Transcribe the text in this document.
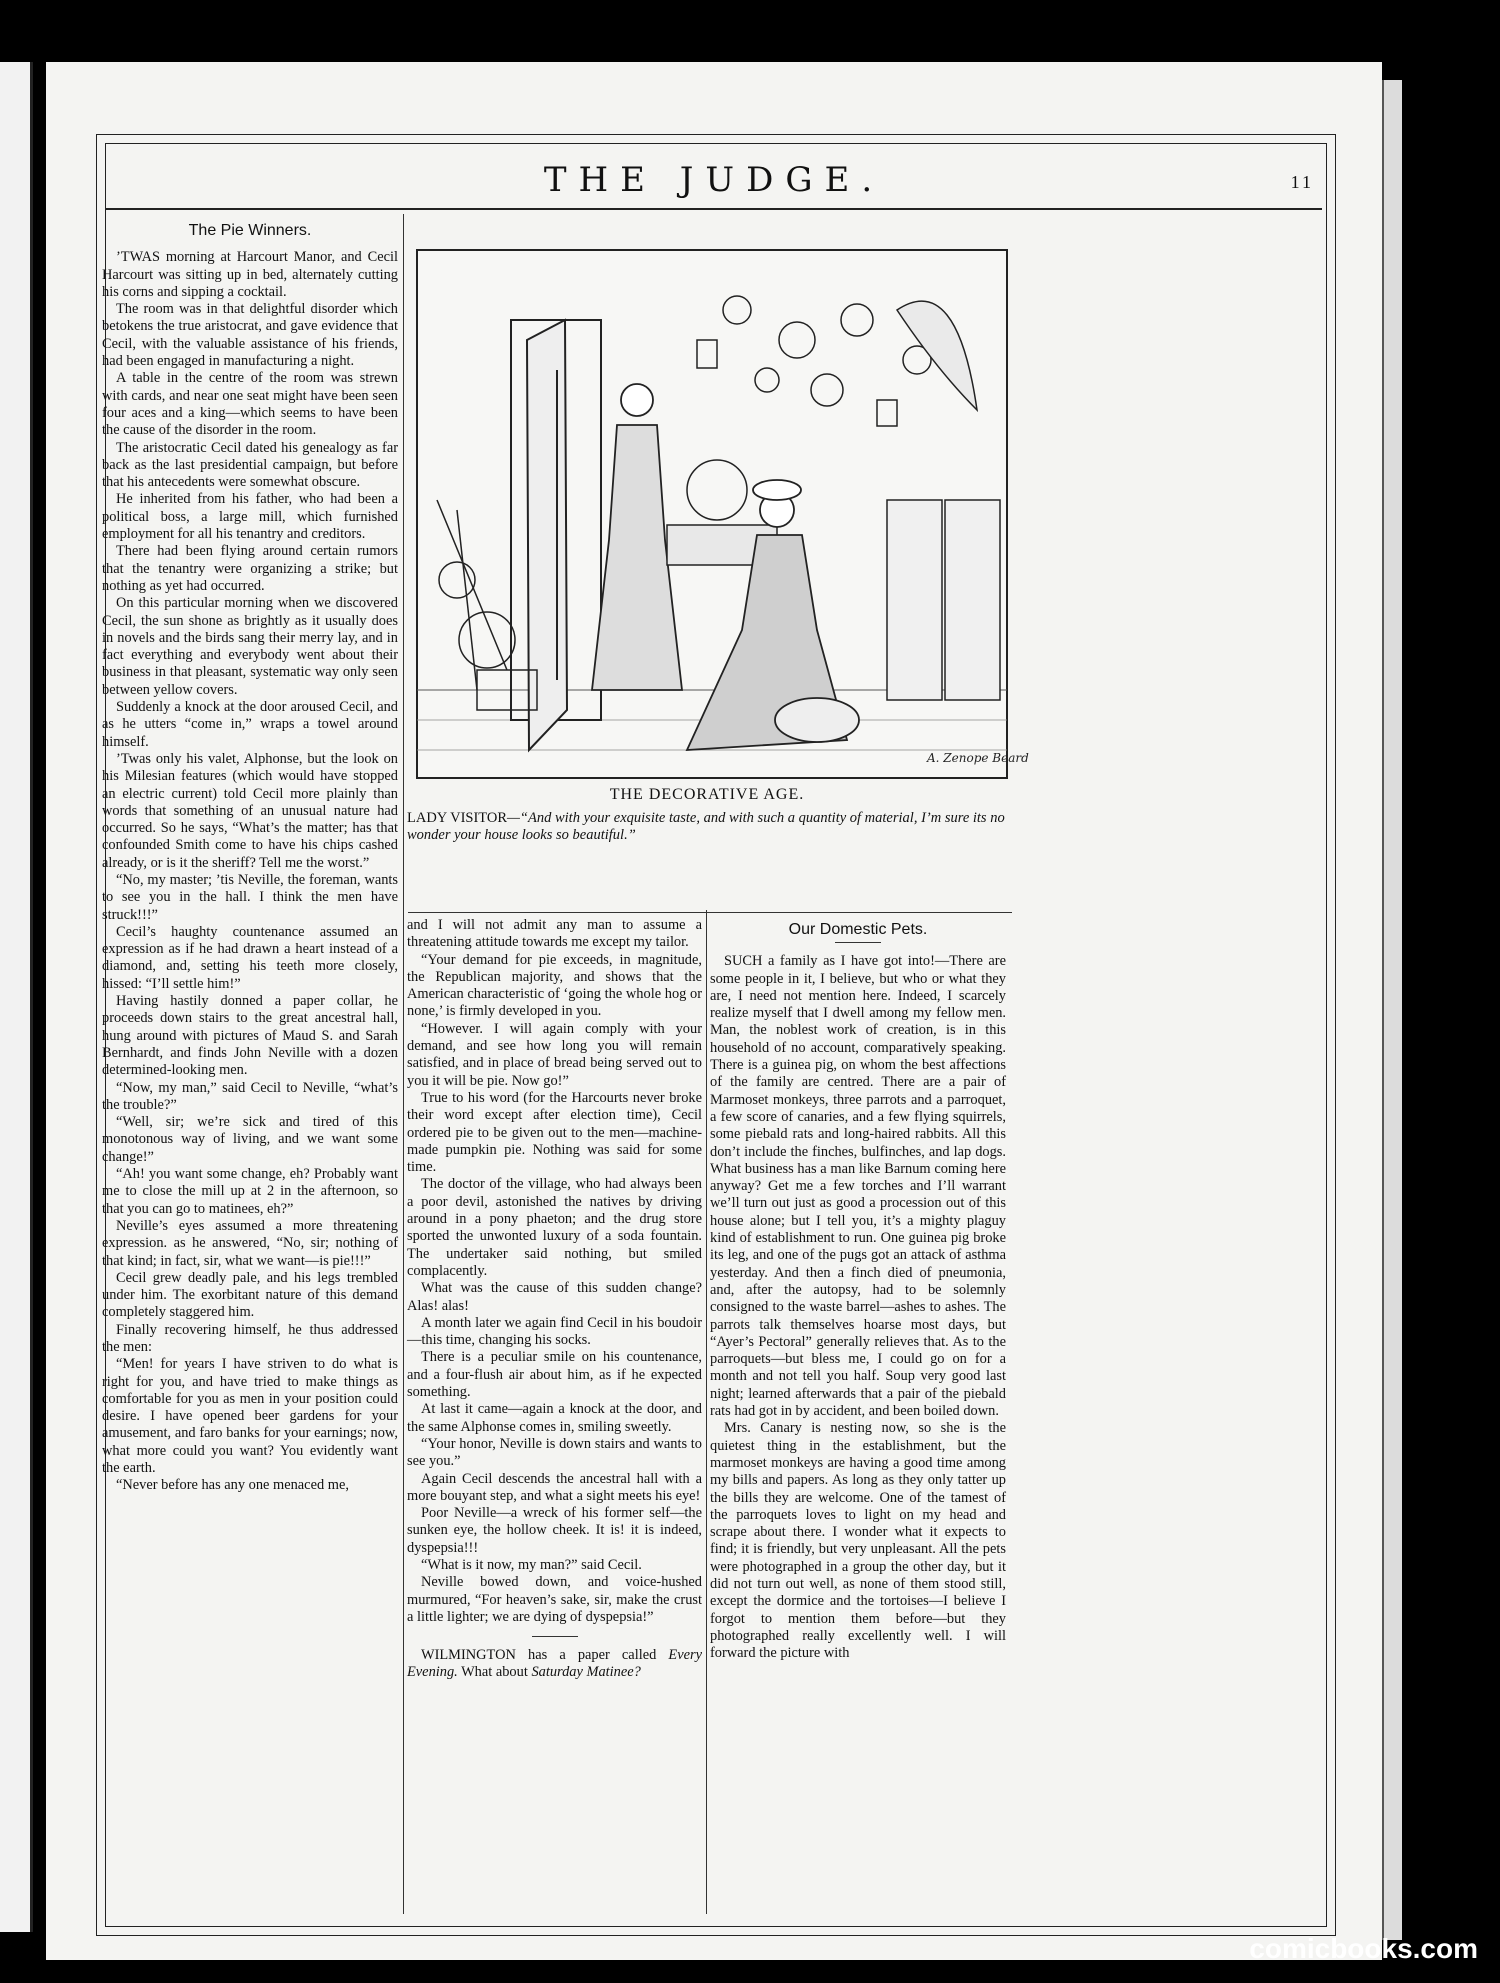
THE JUDGE.	11
The Pie Winners.

’TWAS morning at Harcourt Manor, and Cecil Harcourt was sitting up in bed, alternately cutting his corns and sipping a cocktail.

The room was in that delightful disorder which betokens the true aristocrat, and gave evidence that Cecil, with the valuable assistance of his friends, had been engaged in manufacturing a night.

A table in the centre of the room was strewn with cards, and near one seat might have been seen four aces and a king—which seems to have been the cause of the disorder in the room.

The aristocratic Cecil dated his genealogy as far back as the last presidential campaign, but before that his antecedents were somewhat obscure.

He inherited from his father, who had been a political boss, a large mill, which furnished employment for all his tenantry and creditors.

There had been flying around certain rumors that the tenantry were organizing a strike; but nothing as yet had occurred.

On this particular morning when we discovered Cecil, the sun shone as brightly as it usually does in novels and the birds sang their merry lay, and in fact everything and everybody went about their business in that pleasant, systematic way only seen between yellow covers.

Suddenly a knock at the door aroused Cecil, and as he utters “come in,” wraps a towel around himself.

’Twas only his valet, Alphonse, but the look on his Milesian features (which would have stopped an electric current) told Cecil more plainly than words that something of an unusual nature had occurred. So he says, “What’s the matter; has that confounded Smith come to have his chips cashed already, or is it the sheriff? Tell me the worst.”

“No, my master; ’tis Neville, the foreman, wants to see you in the hall. I think the men have struck!!!”

Cecil’s haughty countenance assumed an expression as if he had drawn a heart instead of a diamond, and, setting his teeth more closely, hissed: “I’ll settle him!”

Having hastily donned a paper collar, he proceeds down stairs to the great ancestral hall, hung around with pictures of Maud S. and Sarah Bernhardt, and finds John Neville with a dozen determined-looking men.

“Now, my man,” said Cecil to Neville, “what’s the trouble?”

“Well, sir; we’re sick and tired of this monotonous way of living, and we want some change!”

“Ah! you want some change, eh? Probably want me to close the mill up at 2 in the afternoon, so that you can go to matinees, eh?”

Neville’s eyes assumed a more threatening expression. as he answered, “No, sir; nothing of that kind; in fact, sir, what we want—is pie!!!”

Cecil grew deadly pale, and his legs trembled under him. The exorbitant nature of this demand completely staggered him.

Finally recovering himself, he thus addressed the men:

“Men! for years I have striven to do what is right for you, and have tried to make things as comfortable for you as men in your position could desire. I have opened beer gardens for your amusement, and faro banks for your earnings; now, what more could you want? You evidently want the earth.

“Never before has any one menaced me,

A. Zenope Beard
THE DECORATIVE AGE.
LADY VISITOR—“And with your exquisite taste, and with such a quantity of material, I’m sure its no wonder your house looks so beautiful.”

and I will not admit any man to assume a threatening attitude towards me except my tailor.

“Your demand for pie exceeds, in magnitude, the Republican majority, and shows that the American characteristic of ‘going the whole hog or none,’ is firmly developed in you.

“However. I will again comply with your demand, and see how long you will remain satisfied, and in place of bread being served out to you it will be pie. Now go!”

True to his word (for the Harcourts never broke their word except after election time), Cecil ordered pie to be given out to the men—machine-made pumpkin pie. Nothing was said for some time.

The doctor of the village, who had always been a poor devil, astonished the natives by driving around in a pony phaeton; and the drug store sported the unwonted luxury of a soda fountain. The undertaker said nothing, but smiled complacently.

What was the cause of this sudden change? Alas! alas!

A month later we again find Cecil in his boudoir—this time, changing his socks.

There is a peculiar smile on his countenance, and a four-flush air about him, as if he expected something.

At last it came—again a knock at the door, and the same Alphonse comes in, smiling sweetly.

“Your honor, Neville is down stairs and wants to see you.”

Again Cecil descends the ancestral hall with a more bouyant step, and what a sight meets his eye!

Poor Neville—a wreck of his former self—the sunken eye, the hollow cheek. It is! it is indeed, dyspepsia!!!

“What is it now, my man?” said Cecil.

Neville bowed down, and voice-hushed murmured, “For heaven’s sake, sir, make the crust a little lighter; we are dying of dyspepsia!”

WILMINGTON has a paper called Every Evening. What about Saturday Matinee?

Our Domestic Pets.

SUCH a family as I have got into!—There are some people in it, I believe, but who or what they are, I need not mention here. Indeed, I scarcely realize myself that I dwell among my fellow men. Man, the noblest work of creation, is in this household of no account, comparatively speaking. There is a guinea pig, on whom the best affections of the family are centred. There are a pair of Marmoset monkeys, three parrots and a parroquet, a few score of canaries, and a few flying squirrels, some piebald rats and long-haired rabbits. All this don’t include the finches, bulfinches, and lap dogs. What business has a man like Barnum coming here anyway? Get me a few torches and I’ll warrant we’ll turn out just as good a procession out of this house alone; but I tell you, it’s a mighty plaguy kind of establishment to run. One guinea pig broke its leg, and one of the pugs got an attack of asthma yesterday. And then a finch died of pneumonia, and, after the autopsy, had to be solemnly consigned to the waste barrel—ashes to ashes. The parrots talk themselves hoarse most days, but “Ayer’s Pectoral” generally relieves that. As to the parroquets—but bless me, I could go on for a month and not tell you half. Soup very good last night; learned afterwards that a pair of the piebald rats had got in by accident, and been boiled down.

Mrs. Canary is nesting now, so she is the quietest thing in the establishment, but the marmoset monkeys are having a good time among my bills and papers. As long as they only tatter up the bills they are welcome. One of the tamest of the parroquets loves to light on my head and scrape about there. I wonder what it expects to find; it is friendly, but very unpleasant. All the pets were photographed in a group the other day, but it did not turn out well, as none of them stood still, except the dormice and the tortoises—I believe I forgot to mention them before—but they photographed really excellently well. I will forward the picture with

comicbooks.com
